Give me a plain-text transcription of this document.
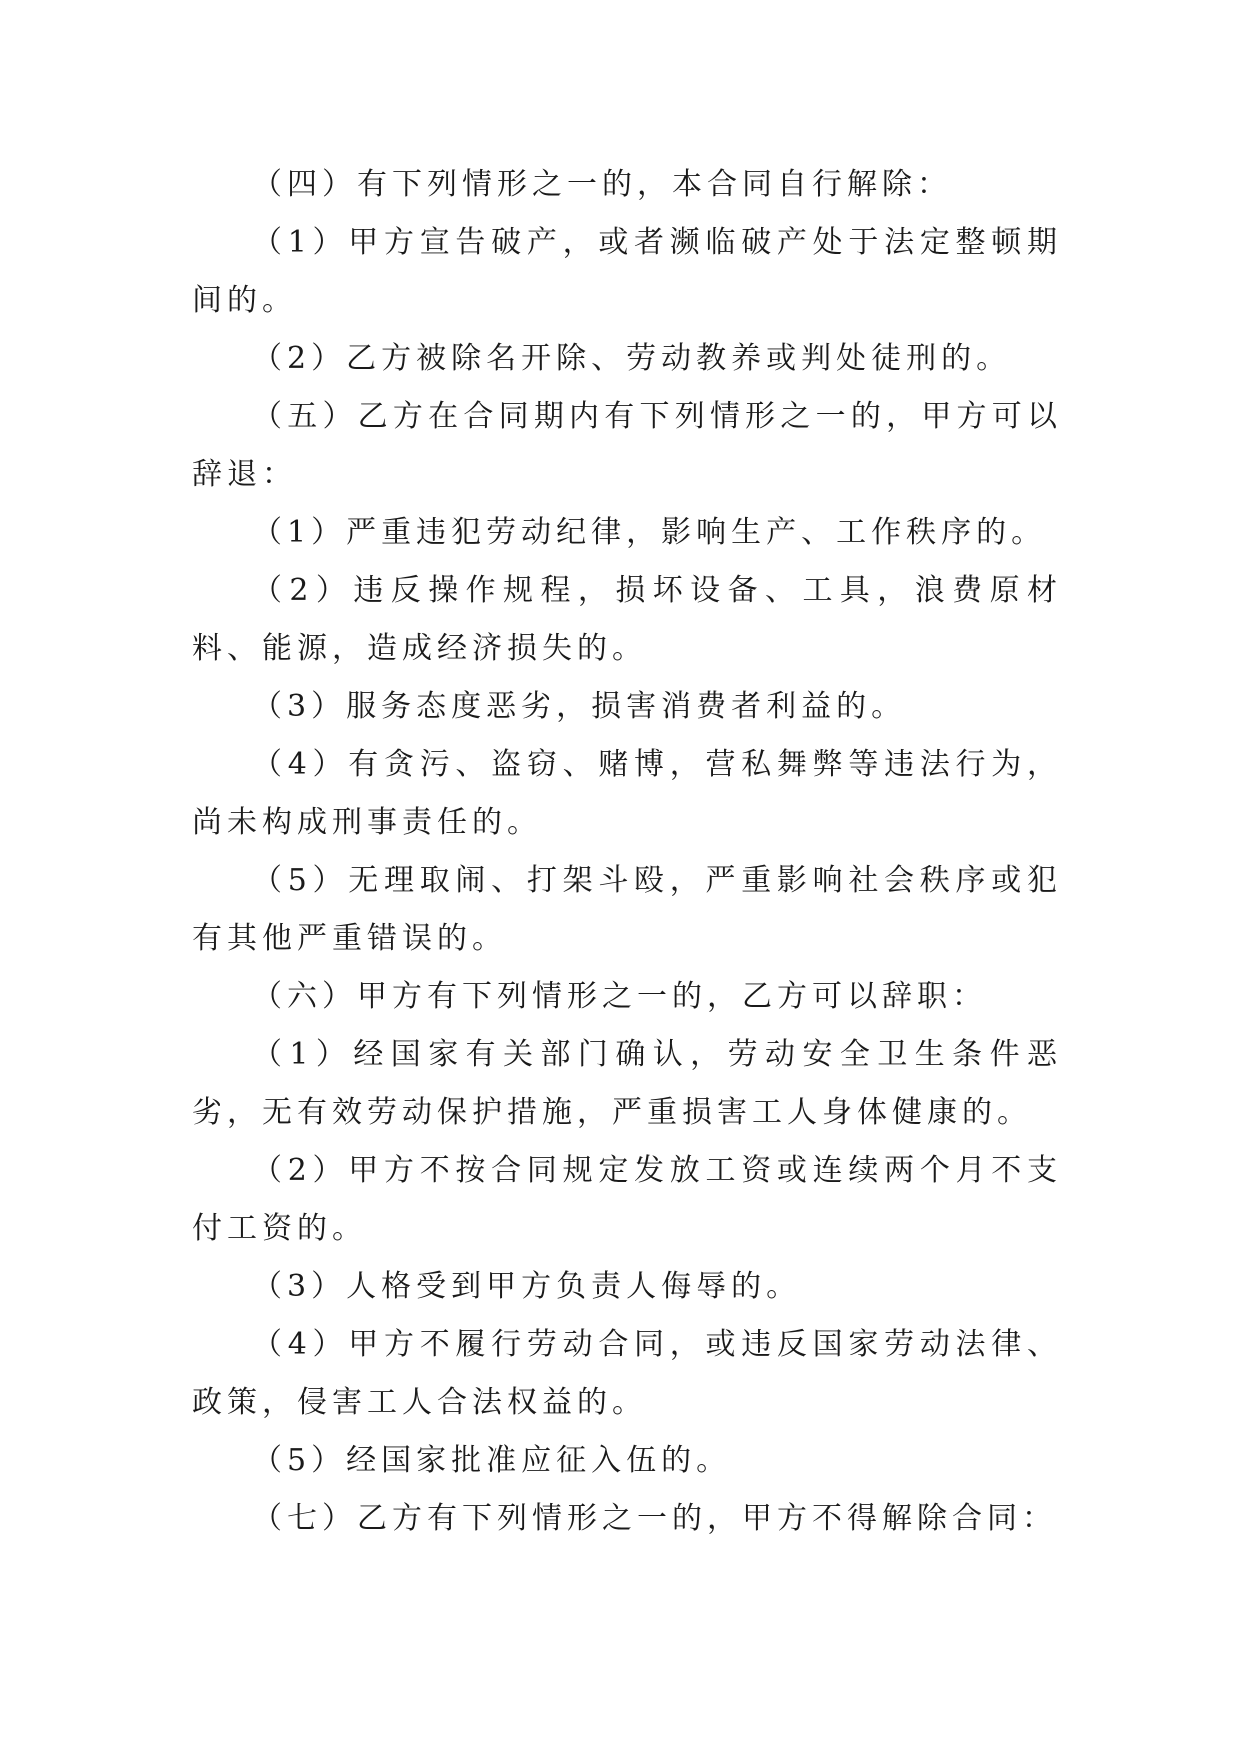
（四）有下列情形之一的，本合同自行解除：

（1）甲方宣告破产，或者濒临破产处于法定整顿期间的。

（2）乙方被除名开除、劳动教养或判处徒刑的。

（五）乙方在合同期内有下列情形之一的，甲方可以辞退：

（1）严重违犯劳动纪律，影响生产、工作秩序的。

（2）违反操作规程，损坏设备、工具，浪费原材料、能源，造成经济损失的。

（3）服务态度恶劣，损害消费者利益的。

（4）有贪污、盗窃、赌博，营私舞弊等违法行为，尚未构成刑事责任的。

（5）无理取闹、打架斗殴，严重影响社会秩序或犯有其他严重错误的。

（六）甲方有下列情形之一的，乙方可以辞职：

（1）经国家有关部门确认，劳动安全卫生条件恶劣，无有效劳动保护措施，严重损害工人身体健康的。

（2）甲方不按合同规定发放工资或连续两个月不支付工资的。

（3）人格受到甲方负责人侮辱的。

（4）甲方不履行劳动合同，或违反国家劳动法律、政策，侵害工人合法权益的。

（5）经国家批准应征入伍的。

（七）乙方有下列情形之一的，甲方不得解除合同：
